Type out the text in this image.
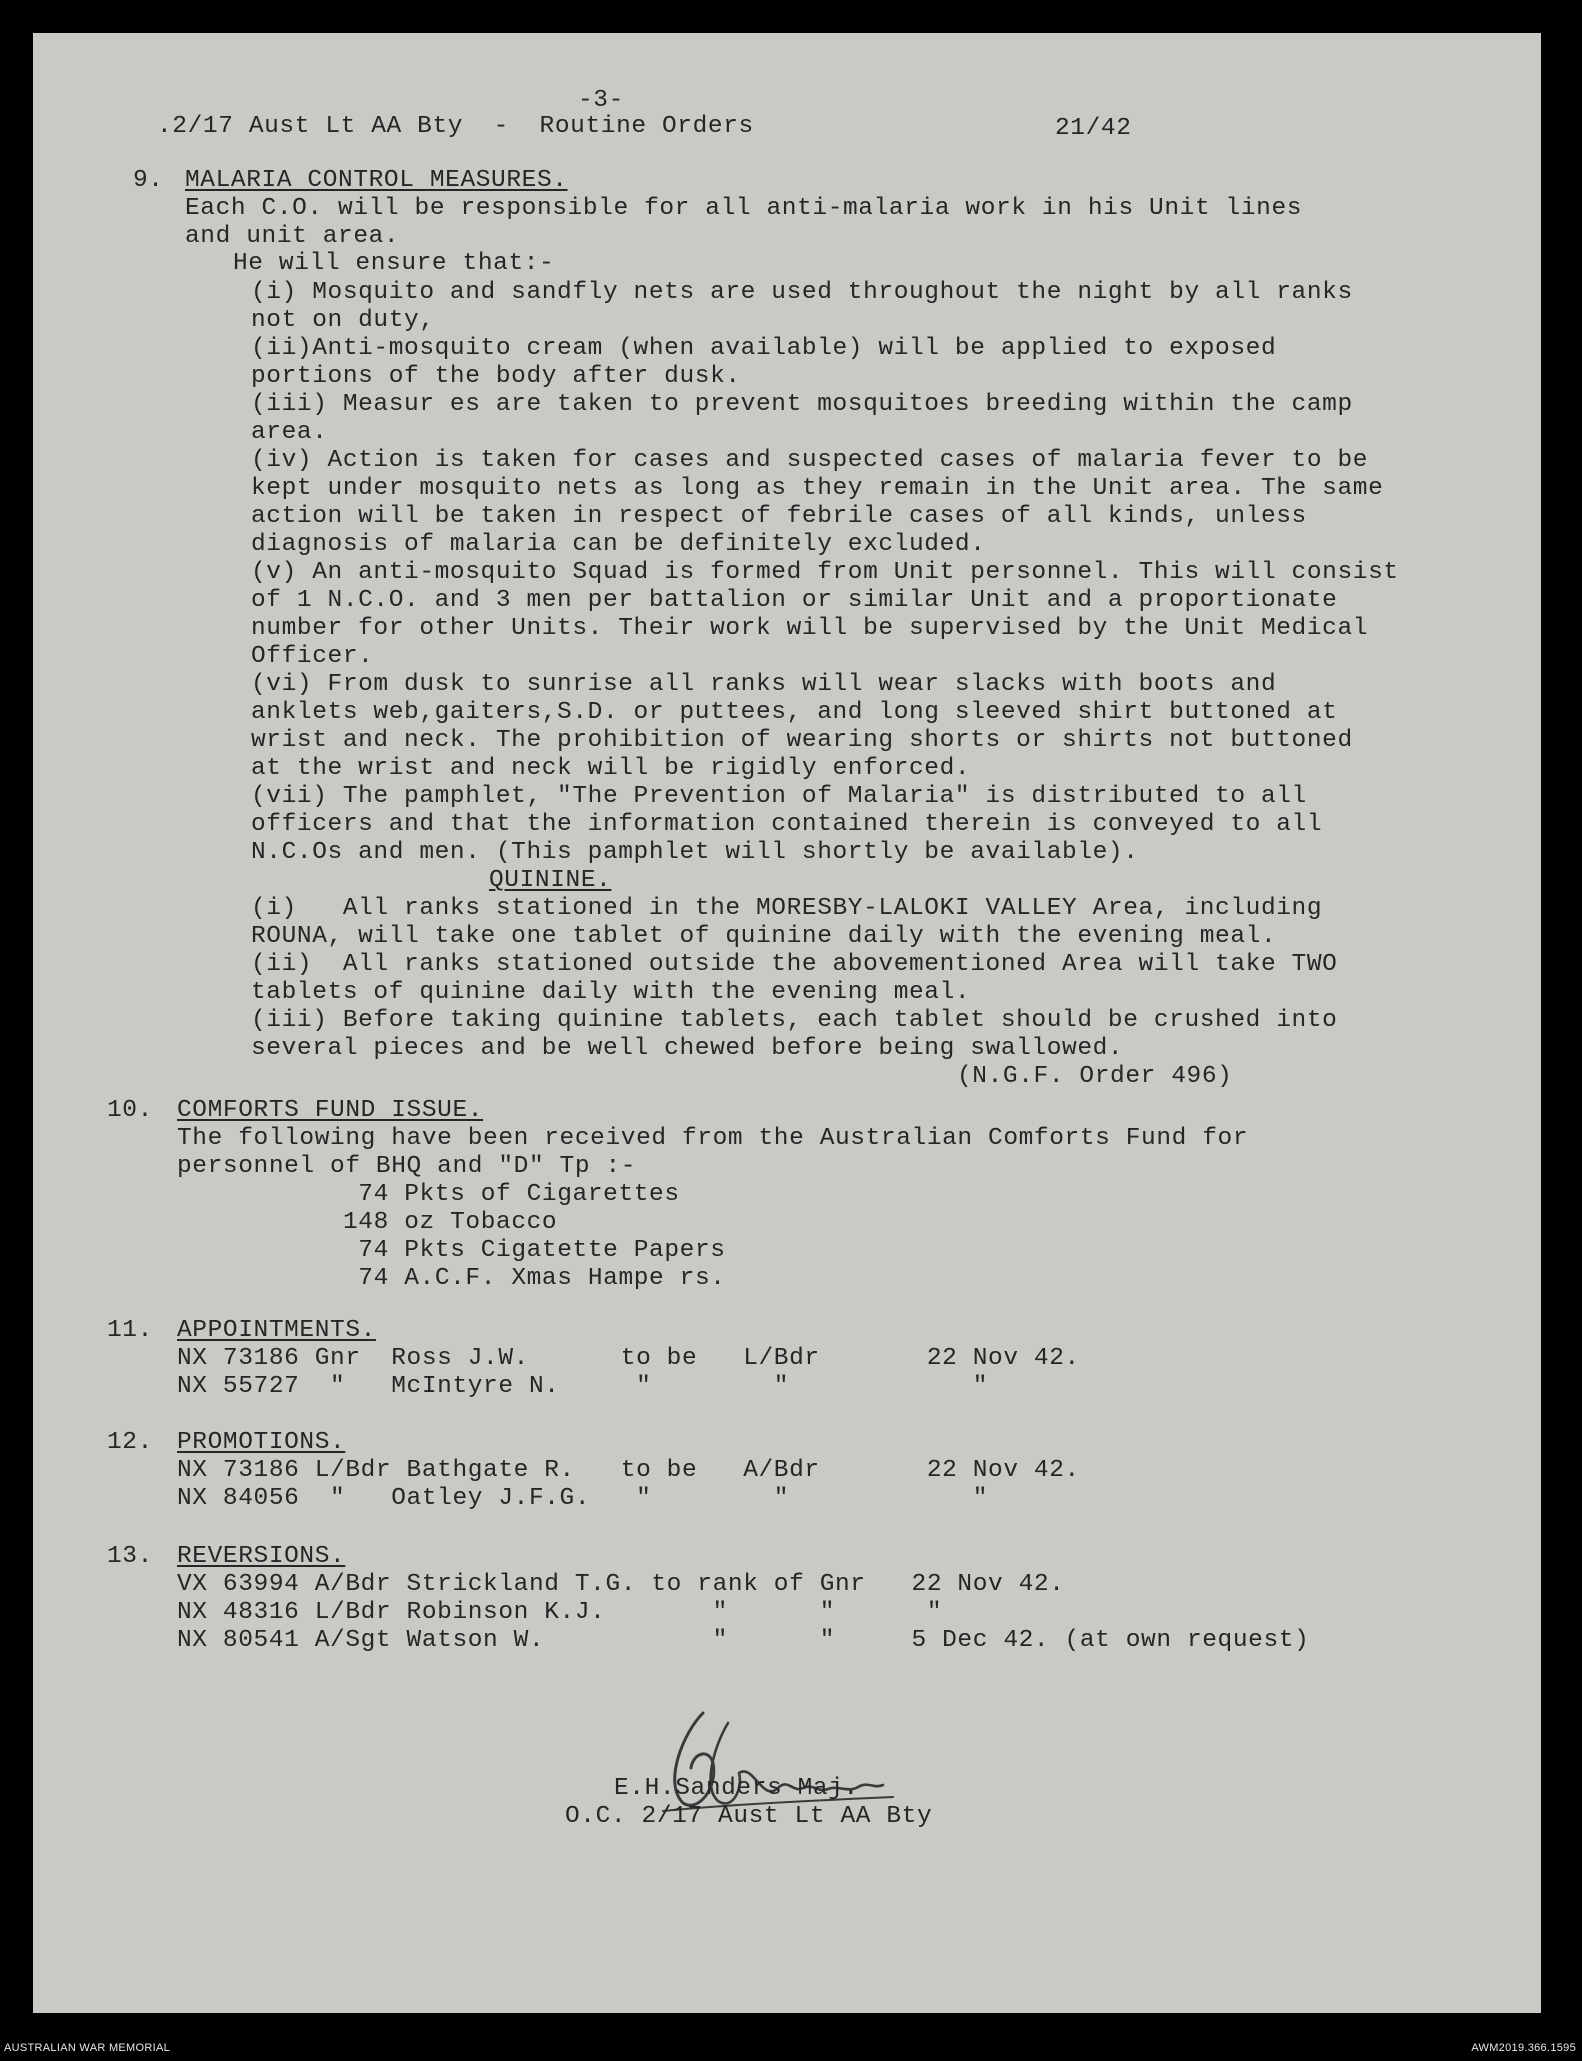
-3-
.2/17 Aust Lt AA Bty  -  Routine Orders	21/42
9. MALARIA CONTROL MEASURES.
Each C.O. will be responsible for all anti-malaria work in his Unit lines
and unit area.
He will ensure that:-
(i) Mosquito and sandfly nets are used throughout the night by all ranks
not on duty,
(ii)Anti-mosquito cream (when available) will be applied to exposed
portions of the body after dusk.
(iii) Measur es are taken to prevent mosquitoes breeding within the camp
area.
(iv) Action is taken for cases and suspected cases of malaria fever to be
kept under mosquito nets as long as they remain in the Unit area. The same
action will be taken in respect of febrile cases of all kinds, unless
diagnosis of malaria can be definitely excluded.
(v) An anti-mosquito Squad is formed from Unit personnel. This will consist
of 1 N.C.O. and 3 men per battalion or similar Unit and a proportionate
number for other Units. Their work will be supervised by the Unit Medical
Officer.
(vi) From dusk to sunrise all ranks will wear slacks with boots and
anklets web,gaiters,S.D. or puttees, and long sleeved shirt buttoned at
wrist and neck. The prohibition of wearing shorts or shirts not buttoned
at the wrist and neck will be rigidly enforced.
(vii) The pamphlet, "The Prevention of Malaria" is distributed to all
officers and that the information contained therein is conveyed to all
N.C.Os and men. (This pamphlet will shortly be available).
QUININE.
(i)   All ranks stationed in the MORESBY-LALOKI VALLEY Area, including
ROUNA, will take one tablet of quinine daily with the evening meal.
(ii)  All ranks stationed outside the abovementioned Area will take TWO
tablets of quinine daily with the evening meal.
(iii) Before taking quinine tablets, each tablet should be crushed into
several pieces and be well chewed before being swallowed.
(N.G.F. Order 496)
10. COMFORTS FUND ISSUE.
The following have been received from the Australian Comforts Fund for
personnel of BHQ and "D" Tp :-
74 Pkts of Cigarettes
148 oz Tobacco
74 Pkts Cigatette Papers
74 A.C.F. Xmas Hampe rs.
11. APPOINTMENTS.
NX 73186 Gnr  Ross J.W.      to be   L/Bdr       22 Nov 42.
NX 55727  "   McIntyre N.     "        "            "
12. PROMOTIONS.
NX 73186 L/Bdr Bathgate R.   to be   A/Bdr       22 Nov 42.
NX 84056  "   Oatley J.F.G.   "        "            "
13. REVERSIONS.
VX 63994 A/Bdr Strickland T.G. to rank of Gnr   22 Nov 42.
NX 48316 L/Bdr Robinson K.J.       "      "      "
NX 80541 A/Sgt Watson W.           "      "     5 Dec 42. (at own request)
E.H.Sanders Maj.
O.C. 2/17 Aust Lt AA Bty
AUSTRALIAN WAR MEMORIAL	AWM2019.366.1595
